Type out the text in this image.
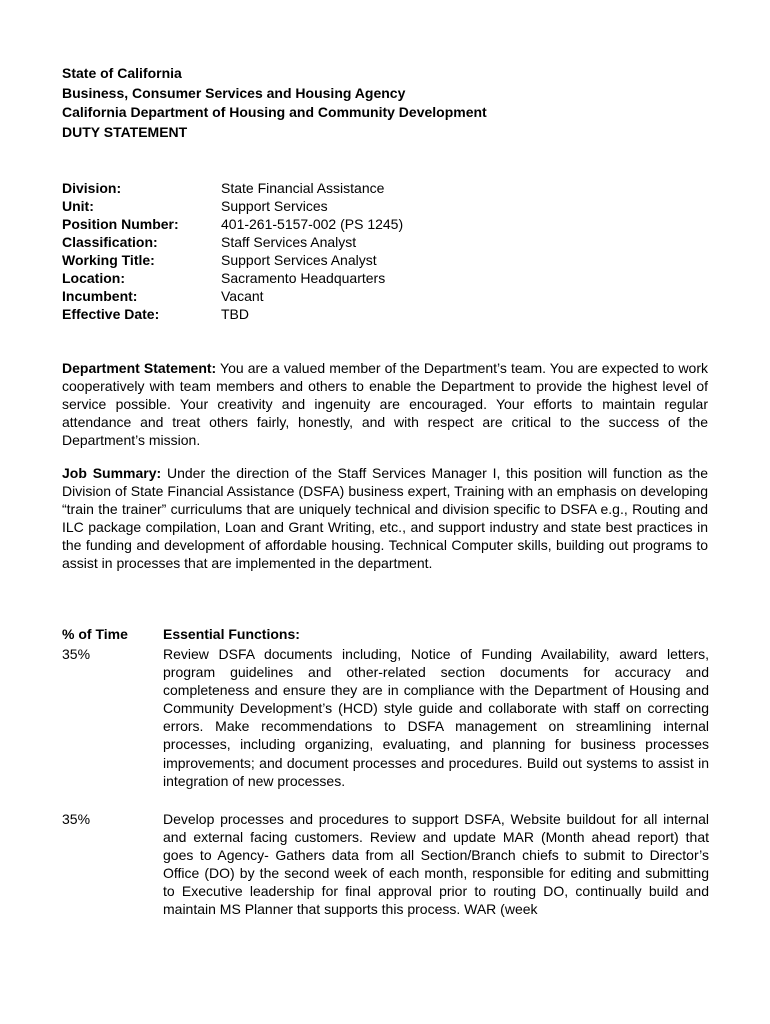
State of California
Business, Consumer Services and Housing Agency
California Department of Housing and Community Development
DUTY STATEMENT
Division:	State Financial Assistance
Unit:	Support Services
Position Number:	401-261-5157-002 (PS 1245)
Classification:	Staff Services Analyst
Working Title:	Support Services Analyst
Location:	Sacramento Headquarters
Incumbent:	Vacant
Effective Date:	TBD
Department Statement: You are a valued member of the Department’s team. You are expected to work cooperatively with team members and others to enable the Department to provide the highest level of service possible. Your creativity and ingenuity are encouraged. Your efforts to maintain regular attendance and treat others fairly, honestly, and with respect are critical to the success of the Department’s mission.
Job Summary: Under the direction of the Staff Services Manager I, this position will function as the Division of State Financial Assistance (DSFA) business expert, Training with an emphasis on developing “train the trainer” curriculums that are uniquely technical and division specific to DSFA e.g., Routing and ILC package compilation, Loan and Grant Writing, etc., and support industry and state best practices in the funding and development of affordable housing. Technical Computer skills, building out programs to assist in processes that are implemented in the department.
% of Time	Essential Functions:
35%	Review DSFA documents including, Notice of Funding Availability, award letters, program guidelines and other-related section documents for accuracy and completeness and ensure they are in compliance with the Department of Housing and Community Development’s (HCD) style guide and collaborate with staff on correcting errors. Make recommendations to DSFA management on streamlining internal processes, including organizing, evaluating, and planning for business processes improvements; and document processes and procedures. Build out systems to assist in integration of new processes.
35%	Develop processes and procedures to support DSFA, Website buildout for all internal and external facing customers. Review and update MAR (Month ahead report) that goes to Agency- Gathers data from all Section/Branch chiefs to submit to Director’s Office (DO) by the second week of each month, responsible for editing and submitting to Executive leadership for final approval prior to routing DO, continually build and maintain MS Planner that supports this process. WAR (week
